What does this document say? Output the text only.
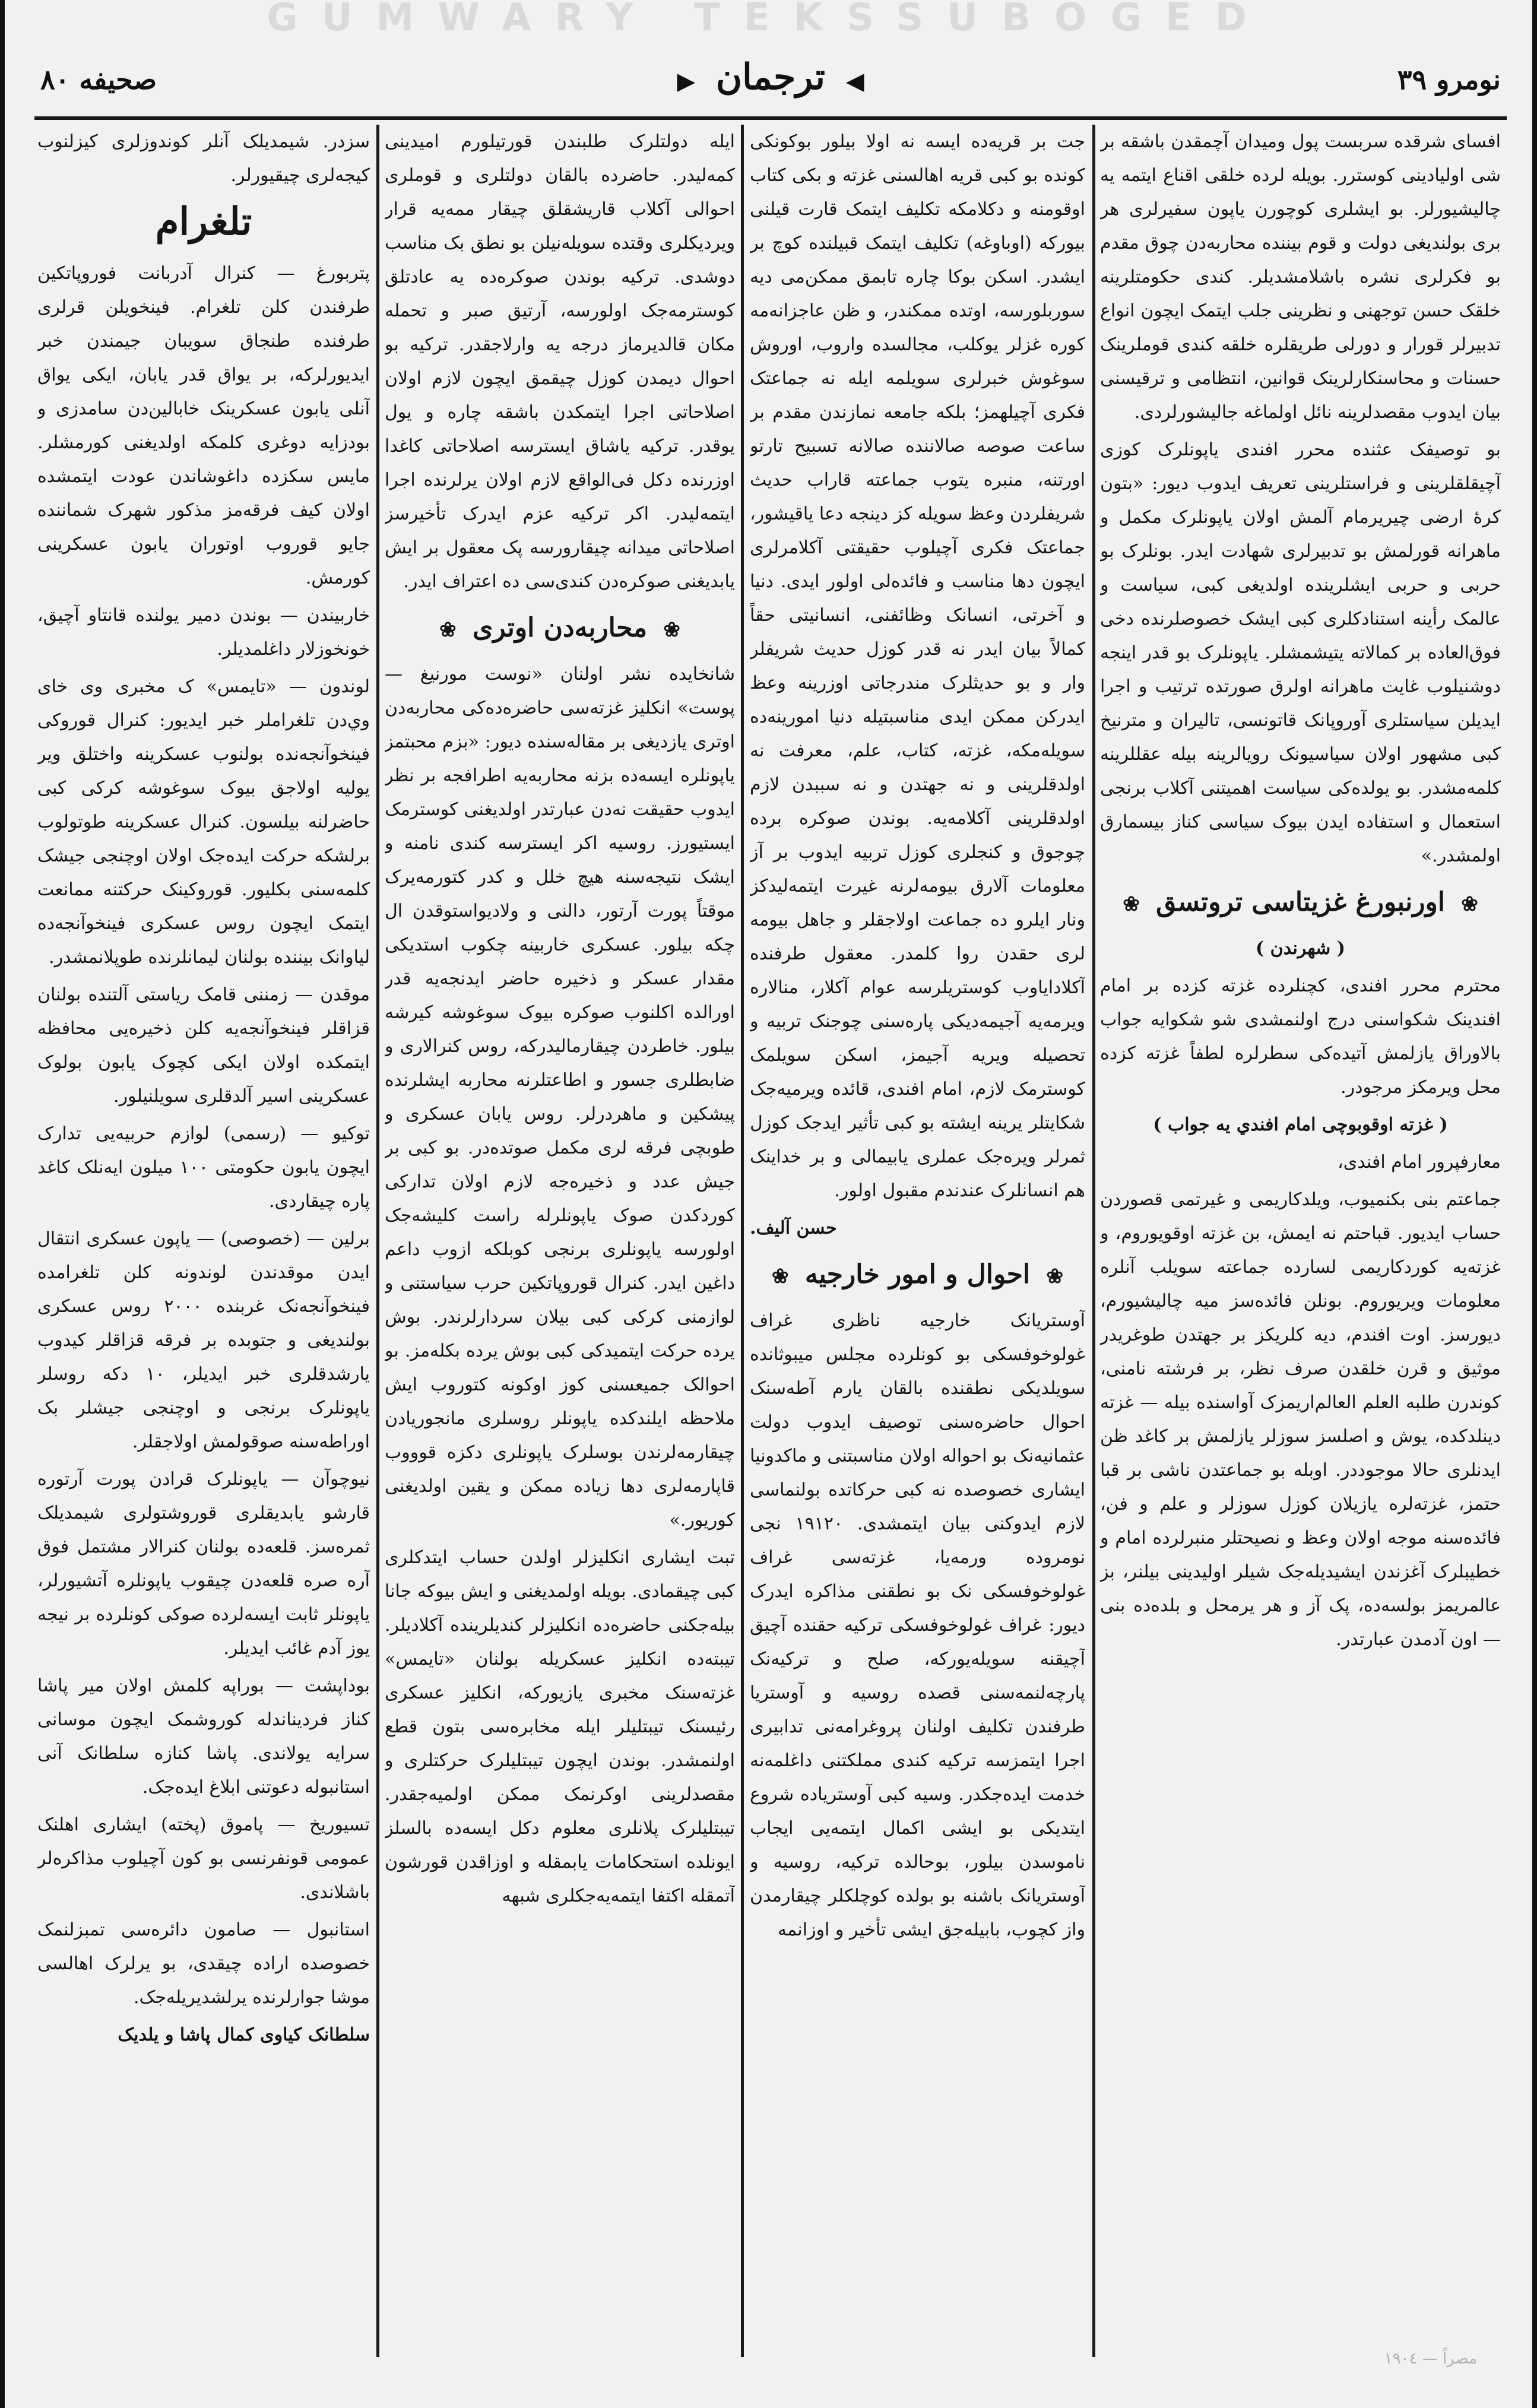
GUMWARY TEKSSUBOGED
نومرو ٣٩
◀ ترجمان ▶
صحيفه ٨٠

افسای شرقده سربست پول وميدان آچمقدن باشقه بر شی اوليادينی کوسترر. بويله لرده خلقی اقناع ايتمه يه چاليشيورلر. بو ايشلری کوچورن ياپون سفيرلری هر بری بولنديغی دولت و قوم بيننده محاربه‌دن چوق مقدم بو فکرلری نشره باشلامشدیلر. کندی حکومتلرينه خلقک حسن توجهنی و نظرينی جلب ايتمک ايچون انواع تدبيرلر قورار و دورلی طريقلره خلقه کندی قوملرينک حسنات و محاسنکارلرينک قوانين، انتظامی و ترقيسنی بيان ايدوب مقصدلرينه نائل اولماغه جاليشورلردی.

بو توصيفک عثنده محرر افندی ياپونلرک کوزی آچيقلقلرينی و فراستلرينی تعريف ايدوب ديور: «بتون کرهٔ ارضی چيريرمام آلمش اولان ياپونلرک مکمل و ماهرانه قورلمش بو تدبيرلری شهادت ايدر. بونلرک بو حربی و حربی ايشلرينده اولديغی کبی، سياست و عالمک رأينه استنادکلری کبی ايشک خصوصلرنده دخی فوق‌العاده بر کمالاته يتيشمشلر. ياپونلرک بو قدر اينجه دوشنيلوب غايت ماهرانه اولرق صورتده ترتيب و اجرا ايديلن سياستلری آوروپانک قاتونسی، تاليران و مترنيخ کبی مشهور اولان سياسيونک رويالرينه بيله عقللرينه کلمه‌مشدر. بو يولده‌کی سياست اهميتنی آکلاب برنجی استعمال و استفاده ايدن بيوک سياسی کناز بيسمارق اولمشدر.»

❀ اورنبورغ غزيتاسی تروتسق ❀

( شهرندن )

محترم محرر افندی، کچنلرده غزته کزده بر امام افندينک شکواسنی درج اولنمشدی شو شکوايه جواب بالاوراق يازلمش آتيده‌کی سطرلره لطفاً غزته کزده محل ويرمکز مرجودر.

( غزته اوقوبوچی امام افندي يه جواب )

معارفپرور امام افندی،

جماعتم بنی بکنميوب، ويلدکاريمی و غيرتمی قصوردن حساب ايديور. قباحتم نه ايمش، بن غزته اوقويوروم، و غزته‌يه کوردکاريمی لسارده جماعته سويلب آنلره معلومات ويريوروم. بونلن فائده‌سز ميه چاليشيورم، ديورسز. اوت افندم، ديه کلريکز بر جهتدن طوغريدر موثيق و قرن خلقدن صرف نظر، بر فرشته نامنی، کوندرن طلبه‌ العلم العالم‌اريمزک آواسنده بيله — غزته دينلدکده، يوش و اصلسز سوزلر يازلمش بر کاغد ظن ايدنلری حالا موجوددر. اوبله بو جماعتدن ناشی بر قبا حتمز، غزته‌لره يازيلان کوزل سوزلر و علم و فن، فائده‌سنه موجه اولان وعظ و نصيحتلر منبرلرده امام و خطيبلرک آغزندن ايشيديله‌جک شيلر اوليدينی بيلنر، بز عالمريمز بولسه‌ده، پک آز و هر يرمحل و بلده‌ده بنی — اون آدمدن عبارتدر.

جت بر قريه‌ده ايسه نه اولا بيلور بوکونکی کونده بو کبی قريه اهالسنی غزته و بکی کتاب اوقومنه و دکلامکه تکليف ايتمک قارت قيلنی بيورکه (اوباوغه) تکليف ايتمک قبيلنده کوچ بر ايشدر. اسکن بوکا چاره تابمق ممکن‌می ديه سوربلورسه، اوتده ممکندر، و ظن عاجزانه‌مه کوره غزلر يوکلب، مجالسده واروب، اوروش سوغوش خبرلری سويلمه ايله نه جماعتک فکری آچيلهمز؛ بلکه جامعه نمازندن مقدم بر ساعت صوصه صالاننده صالانه تسبيح تارتو اورتنه، منبره يتوب جماعته قاراب حديث شريفلردن وعظ سويله کز دينجه دعا ياقيشور، جماعتک فکری آچيلوب حقيقتی آکلامرلری ايچون دها مناسب و فائده‌لی اولور ايدی. دنيا و آخرتی، انسانک وظائفنی، انسانيتی حقاً کمالاً بيان ايدر نه قدر کوزل حديث شريفلر وار و بو حديثلرک مندرجاتی اوزرينه وعظ ايدرکن ممکن ايدی مناسبتيله دنيا امورينه‌ده سويله‌مکه، غزته، کتاب، علم، معرفت نه اولدقلرينی و نه جهتدن و نه سببدن لازم اولدقلرينی آکلامه‌يه. بوندن صوکره برده چوجوق و کنجلری کوزل تربيه ايدوب بر آز معلومات آلارق بيومه‌لرنه غيرت ايتمه‌ليدکز ونار ايلرو ده جماعت اولاجقلر و جاهل بيومه لری حقدن روا کلمدر. معقول طرفنده آکلاداياوب کوستريلرسه عوام آکلار، منالاره ويرمه‌يه آجيمه‌ديکی پاره‌سنی چوجنک تربيه و تحصيله ويريه آجيمز، اسکن سويلمک کوسترمک لازم، امام افندی، قائده ويرميه‌جک شکايتلر يرينه ايشته بو کبی تأثير ايدجک کوزل ثمرلر ويره‌جک عملری يابيمالی و بر خداينک هم انسانلرک عندندم مقبول اولور.

حسن آليف.

❀ احوال و امور خارجيه ❀

آوستريانک خارجيه ناظری غراف غولوخوفسکی بو کونلرده مجلس ميبوثانده سويلديکی نطقنده بالقان يارم آطه‌سنک احوال حاضره‌سنی توصيف ايدوب دولت عثمانيه‌نک بو احواله اولان مناسبتنی و ماکدونيا ايشاری خصوصده نه کبی حرکاتده بولنماسی لازم ايدوکنی بيان ايتمشدی. ١٩١٢٠ نجی نومروده ورمه‌يا، غزته‌سی غراف غولوخوفسکی نک بو نطقنی مذاکره ايدرک ديور: غراف غولوخوفسکی ترکيه حقنده آچيق آچيقنه سويله‌يورکه، صلح و ترکيه‌نک پارچه‌لنمه‌سنی قصده روسيه و آوستريا طرفندن تکليف اولنان پروغرامه‌نی تدابيری اجرا ايتمزسه ترکيه کندی مملکتنی داغلمه‌نه خدمت ايده‌جکدر. وسيه کبی آوستريا‌ده شروع ايتديکی بو ايشی اکمال ايتمه‌يی ايجاب ناموسدن بيلور، بوحالده ترکيه، روسيه و آوستريانک باشنه بو بولده کوچلکلر چيقارمدن واز کچوب، بابيله‌جق ايشی تأخير و اوزانمه

ايله دولتلرک طلبندن قورتيلورم اميدينی کمه‌لیدر. حاضرده بالقان دولتلری و قوملری احوالی آکلاب قاريشقلق چيقار ممه‌يه قرار ويرديکلری وقتده سويله‌نيلن بو نطق بک مناسب دوشدی. ترکيه بوندن صوکره‌ده يه عادتلق کوسترمه‌جک اولورسه، آرتيق صبر و تحمله مکان قالديرماز درجه يه وارلاجقدر. ترکيه بو احوال ديمدن کوزل چيقمق ايچون لازم اولان اصلاحاتی اجرا ايتمکدن باشقه چاره و يول يوقدر. ترکيه ياشاق ايسترسه اصلاحاتی کاغدا اوزرنده دکل فی‌الواقع لازم اولان يرلرنده اجرا ايتمه‌ليدر. اکر ترکيه عزم ايدرک تأخيرسز اصلاحاتی ميدانه چيقارورسه پک معقول بر ايش يابديغنی صوکره‌دن کندی‌سی ده اعتراف ايدر.

❀ محاربه‌دن اوتری ❀

شانخايده نشر اولنان «نوست مورنيغ — پوست» انکليز غزته‌سی حاضره‌ده‌کی محاربه‌دن اوتری يازديغی بر مقاله‌سنده ديور: «بزم محبتمز ياپونلره ايسه‌ده بزنه محاربه‌يه اطرافجه بر نظر ايدوب حقيقت نه‌دن عبارتدر اولديغنی کوسترمک ايستيورز. روسيه اکر ايسترسه کندی نامنه و ايشک نتيجه‌سنه هيچ خلل و کدر کتورمه‌يرک موقتاً پورت آرتور، دالنی و ولاديواستوقدن ال چکه بيلور. عسکری خاربينه چکوب استديکی مقدار عسکر و ذخيره حاضر ايدنجه‌يه قدر اورالده اکلنوب صوکره بيوک سوغوشه کيرشه بيلور. خاطردن چيقارماليدرکه، روس کنرالاری و ضابطلری جسور و اطاعتلرنه محاربه ايشلرنده پيشکين و ماهردرلر. روس يابان عسکری و طوبچی فرقه لری مکمل صوتده‌در. بو کبی بر جيش عدد و ذخيره‌جه لازم اولان تدارکی کوردکدن صوک ياپونلرله راست کليشه‌جک اولورسه ياپونلری برنجی کوبلکه ازوب داعم داغين ايدر. کنرال قوروپاتکين حرب سياستنی و لوازمنی کرکی کبی بيلان سردارلرندر. بوش يرده حرکت ايتميدکی کبی بوش يرده بکله‌مز. بو احوالک جميعسنی کوز اوکونه کتوروب ايش ملاحظه ايلندکده ياپونلر روسلری مانجوريادن چيقارمه‌لرندن بوسلرک ياپونلری دکزه قوووب قاپارمه‌لری دها زياده ممکن و يقين اولديغنی کوريور.»

تبت ايشاری انکليزلر اولدن حساب ايتدکلری کبی چيقمادی. بويله اولمديغنی و ايش بيوکه جانا بيله‌جکنی حاضره‌ده انکليزلر کنديلرينده آکلاديلر. تيبته‌ده انکليز عسکريله بولنان «تايمس» غزته‌سنک مخبری يازيورکه، انکليز عسکری رئيسنک تيبتليلر ايله مخابره‌سی بتون قطع اولنمشدر. بوندن ايچون تيبتليلرک حرکتلری و مقصدلرينی اوکرنمک ممکن اولميه‌جقدر. تيبتليلرک پلانلری معلوم دکل ايسه‌ده بالسلز ايونلده استحکامات يابمقله و اوزاقدن قورشون آتمقله اکتفا ايتمه‌يه‌جکلری شبهه

سزدر. شيمديلک آنلر کوندوزلری کيزلنوب کيجه‌لری چيقيورلر.

تلغرام

پتربورغ — کنرال آدربانت فوروپاتکين طرفندن کلن تلغرام. فينخويلن قرلری طرفنده طنجاق سويبان جيمندن خبر ايديورلرکه، بر يواق قدر يابان، ايکی يواق آنلی يابون عسکرينک خابالين‌دن سامدزی و بودزايه دوغری کلمکه اولديغنی کورمشلر. مايس سکزده داغوشاندن عودت ايتمشده اولان کيف فرقه‌مز مذکور شهرک شماننده جايو قوروب اوتوران يابون عسکرينی کورمش.

خاربيندن — بوندن دمير يولنده قانتاو آچيق، خونخوزلار داغلمديلر.

لوندون — «تايمس» ک مخبری وی خای وي‌دن تلغراملر خبر ايديور: کنرال قوروکی فينخوآنجه‌نده بولنوب عسکرينه واختلق وير يوليه اولاجق بيوک سوغوشه کرکی کبی حاضرلنه بيلسون. کنرال عسکرينه طوتولوب برلشکه حرکت ايده‌جک اولان اوچنجی جيشک کلمه‌سنی بکليور. قوروکينک حرکتنه ممانعت ايتمک ايچون روس عسکری فينخوآنجه‌ده لياوانک بيننده بولنان ليمانلرنده طوپلانمشدر.

موقدن — زمننی قامک رياستی آلتنده بولنان قزاقلر فينخوآنجه‌يه کلن ذخيره‌يی محافظه ايتمکده اولان ايکی کچوک يابون بولوک عسکرينی اسير آلدقلری سويلنيلور.

توکيو — (رسمی) لوازم حربيه‌يی تدارک ايچون يابون حکومتی ١٠٠ ميلون ايه‌نلک کاغد پاره چيقاردی.

برلين — (خصوصی) — ياپون عسکری انتقال ايدن موقدندن لوندونه کلن تلغرامده فينخوآنجه‌نک غربنده ٢٠٠٠ روس عسکری بولنديغی و جتوبده بر فرقه قزاقلر کيدوب يارشدقلری خبر ايديلر، ١٠ دکه روسلر ياپونلرک برنجی و اوچنجی جيشلر بک اوراطه‌سنه صوقولمش اولاجقلر.

نيوچوآن — ياپونلرک قرادن پورت آرتوره قارشو يابديقلری قوروشتولری شيمديلک ثمره‌سز. قلعه‌ده بولنان کنرالار مشتمل فوق آره صره قلعه‌دن چيقوب ياپونلره آتشيورلر، ياپونلر ثابت ايسه‌لرده صوکی کونلرده بر نيجه يوز آدم غائب ايديلر.

بوداپشت — بوراپه کلمش اولان مير پاشا کناز فرديناندله کوروشمک ايچون موسانی سرايه يولاندی. پاشا کنازه سلطانک آنی استانبوله دعوتنی ابلاغ ايده‌جک.

تسيوريخ — پاموق (پخته) ايشاری اهلنک عمومی قونفرنسی بو کون آچيلوب مذاکره‌لر باشلاندی.

استانبول — صامون دائره‌سی تمبزلنمک خصوصده اراده چيقدی، بو يرلرک اهالسی موشا جوارلرنده يرلشديريله‌جک.

سلطانک کياوی کمال پاشا و يلديک

مصراً — ١٩٠٤
